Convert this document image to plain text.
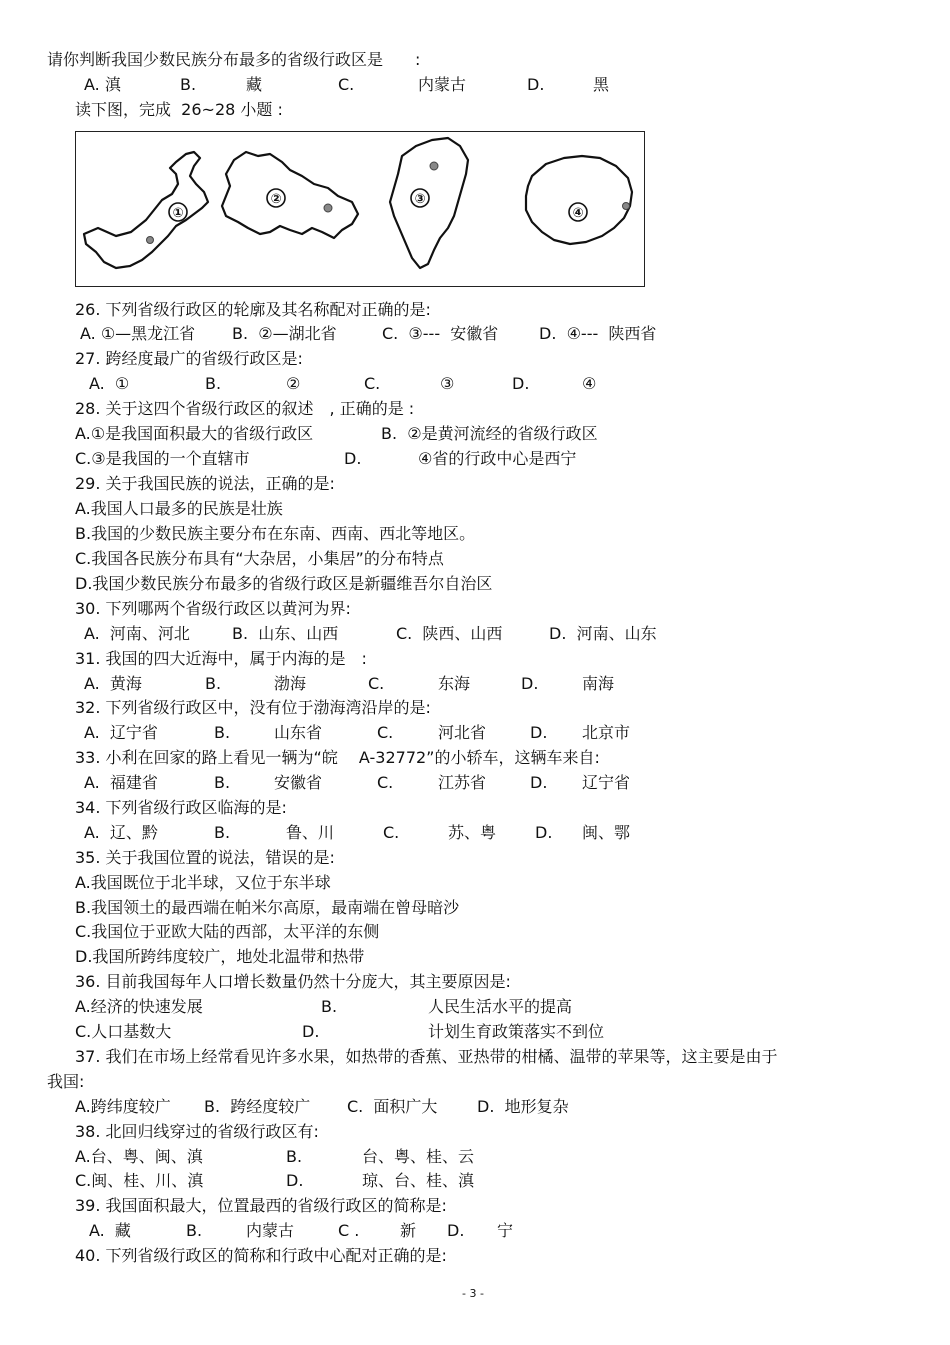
请你判断我国少数民族分布最多的省级行政区是　　:
A. 滇	B.	藏	C.	内蒙古	D.	黑
读下图，完成  26~28 小题 :
①
②	③
④
26. 下列省级行政区的轮廓及其名称配对正确的是:
A. ①—黑龙江省 B.  ②—湖北省	C.  ③---  安徽省	D.  ④---  陕西省
27. 跨经度最广的省级行政区是:
A.  ①	B.	②	C.	③	D.	④
28. 关于这四个省级行政区的叙述　, 正确的是 :
A.①是我国面积最大的省级行政区	B.  ②是黄河流经的省级行政区
C.③是我国的一个直辖市	D.	④省的行政中心是西宁
29. 关于我国民族的说法，正确的是:
A.我国人口最多的民族是壮族
B.我国的少数民族主要分布在东南、西南、西北等地区。
C.我国各民族分布具有“大杂居，小集居”的分布特点
D.我国少数民族分布最多的省级行政区是新疆维吾尔自治区
30. 下列哪两个省级行政区以黄河为界:
A.  河南、河北	B.  山东、山西	C.  陕西、山西	D.  河南、山东
31. 我国的四大近海中，属于内海的是　:
A.  黄海	B.	渤海	C.	东海	D.	南海
32. 下列省级行政区中，没有位于渤海湾沿岸的是:
A.  辽宁省	B.	山东省	C.	河北省	D. 北京市
33. 小利在回家的路上看见一辆为“皖　 A-32772”的小轿车，这辆车来自:
A.  福建省	B.	安徽省	C.	江苏省	D. 辽宁省
34. 下列省级行政区临海的是:
A.  辽、黔	B.	鲁、川	C.	苏、粤 D. 闽、鄂
35. 关于我国位置的说法，错误的是:
A.我国既位于北半球，又位于东半球
B.我国领土的最西端在帕米尔高原，最南端在曾母暗沙
C.我国位于亚欧大陆的西部，太平洋的东侧
D.我国所跨纬度较广，地处北温带和热带
36. 目前我国每年人口增长数量仍然十分庞大，其主要原因是:
A.经济的快速发展	B.	人民生活水平的提高
C.人口基数大	D.	计划生育政策落实不到位
37. 我们在市场上经常看见许多水果，如热带的香蕉、亚热带的柑橘、温带的苹果等，这主要是由于
我国:
A.跨纬度较广 B.  跨经度较广 C.  面积广大 D.  地形复杂
38. 北回归线穿过的省级行政区有:
A.台、粤、闽、滇	B.	台、粤、桂、云
C.闽、桂、川、滇	D.	琼、台、桂、滇
39. 我国面积最大，位置最西的省级行政区的简称是:
A.  藏	B.	内蒙古	C .	新 D. 宁
40. 下列省级行政区的简称和行政中心配对正确的是:
- 3 -
